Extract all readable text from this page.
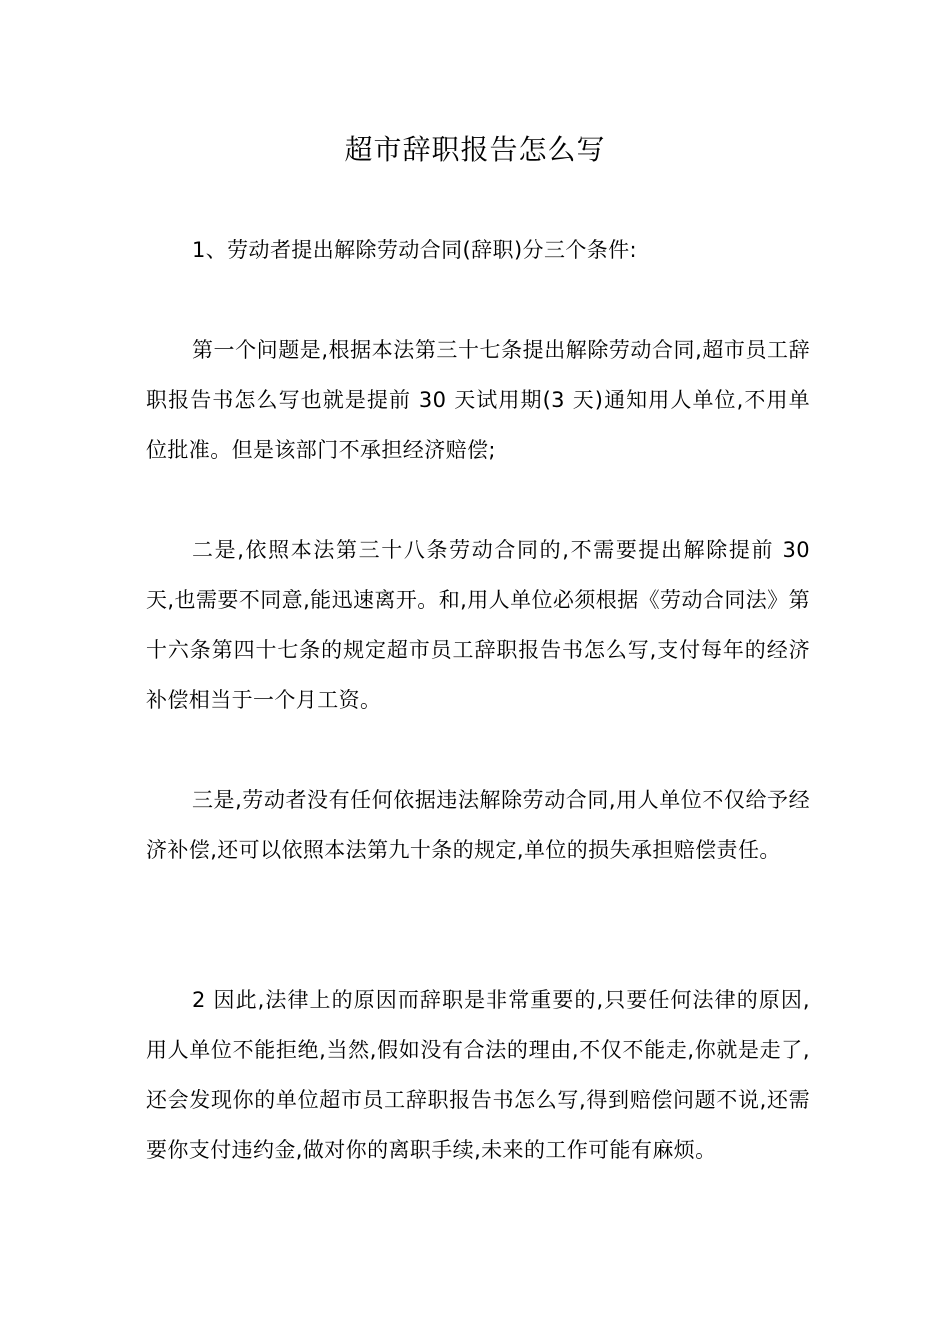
超市辞职报告怎么写

1、劳动者提出解除劳动合同(辞职)分三个条件:

第一个问题是,根据本法第三十七条提出解除劳动合同,超市员工辞职报告书怎么写也就是提前 30 天试用期(3 天)通知用人单位,不用单位批准。但是该部门不承担经济赔偿;

二是,依照本法第三十八条劳动合同的,不需要提出解除提前 30 天,也需要不同意,能迅速离开。和,用人单位必须根据《劳动合同法》第十六条第四十七条的规定超市员工辞职报告书怎么写,支付每年的经济补偿相当于一个月工资。

三是,劳动者没有任何依据违法解除劳动合同,用人单位不仅给予经济补偿,还可以依照本法第九十条的规定,单位的损失承担赔偿责任。

2 因此,法律上的原因而辞职是非常重要的,只要任何法律的原因,用人单位不能拒绝,当然,假如没有合法的理由,不仅不能走,你就是走了,还会发现你的单位超市员工辞职报告书怎么写,得到赔偿问题不说,还需要你支付违约金,做对你的离职手续,未来的工作可能有麻烦。
